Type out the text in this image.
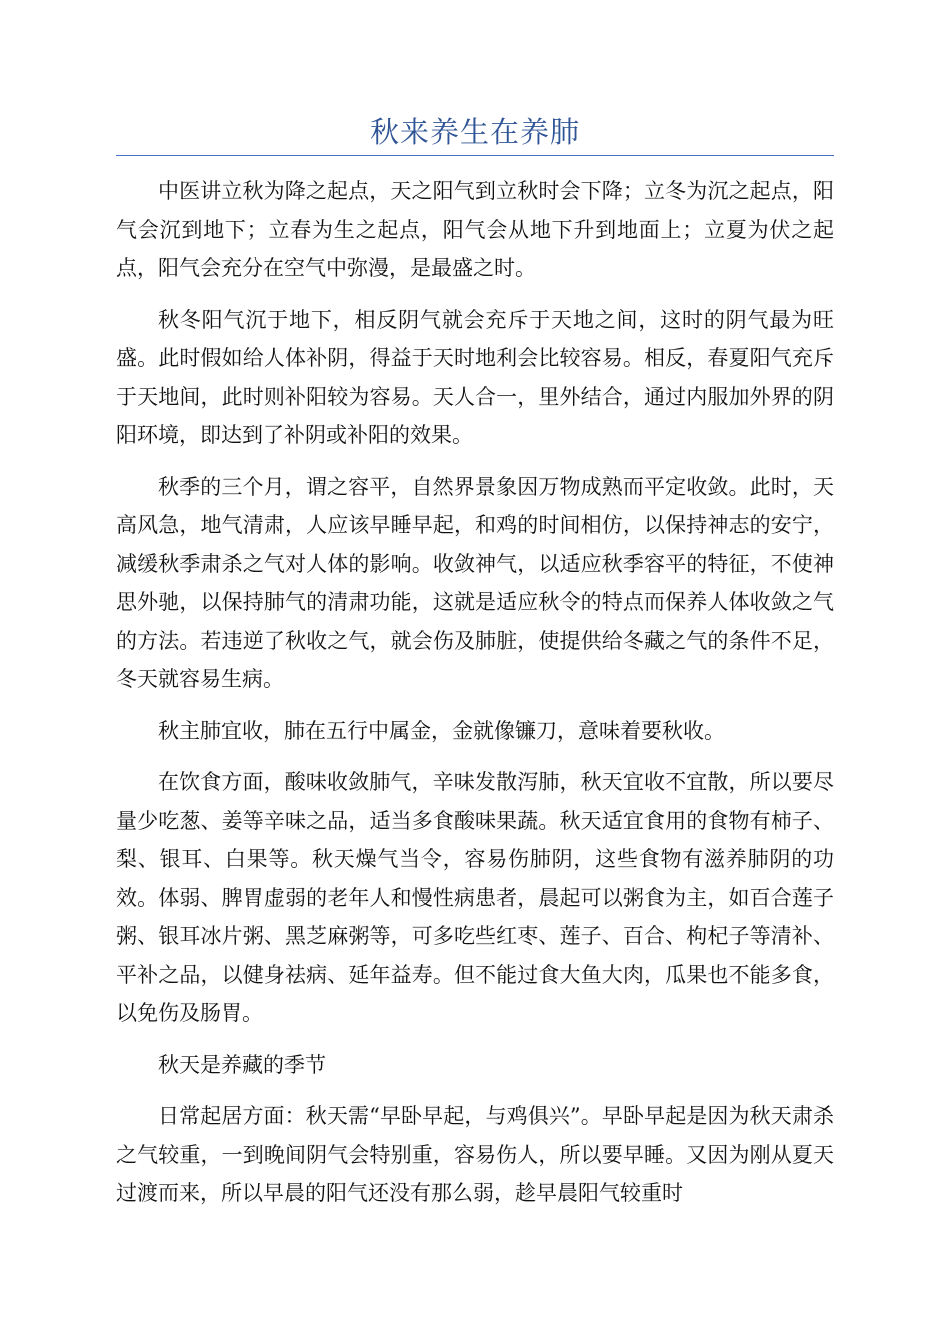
秋来养生在养肺

中医讲立秋为降之起点，天之阳气到立秋时会下降；立冬为沉之起点，阳气会沉到地下；立春为生之起点，阳气会从地下升到地面上；立夏为伏之起点，阳气会充分在空气中弥漫，是最盛之时。

秋冬阳气沉于地下，相反阴气就会充斥于天地之间，这时的阴气最为旺盛。此时假如给人体补阴，得益于天时地利会比较容易。相反，春夏阳气充斥于天地间，此时则补阳较为容易。天人合一，里外结合，通过内服加外界的阴阳环境，即达到了补阴或补阳的效果。

秋季的三个月，谓之容平，自然界景象因万物成熟而平定收敛。此时，天高风急，地气清肃，人应该早睡早起，和鸡的时间相仿，以保持神志的安宁，减缓秋季肃杀之气对人体的影响。收敛神气，以适应秋季容平的特征，不使神思外驰，以保持肺气的清肃功能，这就是适应秋令的特点而保养人体收敛之气的方法。若违逆了秋收之气，就会伤及肺脏，使提供给冬藏之气的条件不足，冬天就容易生病。

秋主肺宜收，肺在五行中属金，金就像镰刀，意味着要秋收。

在饮食方面，酸味收敛肺气，辛味发散泻肺，秋天宜收不宜散，所以要尽量少吃葱、姜等辛味之品，适当多食酸味果蔬。秋天适宜食用的食物有柿子、梨、银耳、白果等。秋天燥气当令，容易伤肺阴，这些食物有滋养肺阴的功效。体弱、脾胃虚弱的老年人和慢性病患者，晨起可以粥食为主，如百合莲子粥、银耳冰片粥、黑芝麻粥等，可多吃些红枣、莲子、百合、枸杞子等清补、平补之品，以健身祛病、延年益寿。但不能过食大鱼大肉，瓜果也不能多食，以免伤及肠胃。

秋天是养藏的季节

日常起居方面：秋天需“早卧早起，与鸡俱兴”。早卧早起是因为秋天肃杀之气较重，一到晚间阴气会特别重，容易伤人，所以要早睡。又因为刚从夏天过渡而来，所以早晨的阳气还没有那么弱，趁早晨阳气较重时
